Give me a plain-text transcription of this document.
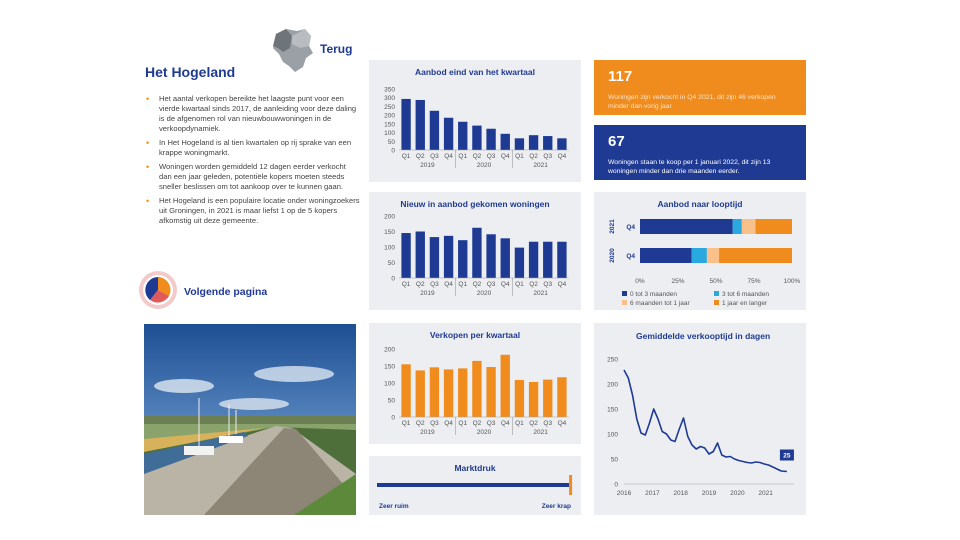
Terug
Het Hogeland
• Het aantal verkopen bereikte het laagste punt voor een vierde kwartaal sinds 2017, de aanleiding voor deze daling is de afgenomen rol van nieuwbouwwoningen in de verkoopdynamiek.
• In Het Hogeland is al tien kwartalen op rij sprake van een krappe woningmarkt.
• Woningen worden gemiddeld 12 dagen eerder verkocht dan een jaar geleden, potentiële kopers moeten steeds sneller beslissen om tot aankoop over te kunnen gaan.
• Het Hogeland is een populaire locatie onder woningzoekers uit Groningen, in 2021 is maar liefst 1 op de 5 kopers afkomstig uit deze gemeente.
Volgende pagina
Aanbod eind van het kwartaal
0
50
100
150
200
250
300
350
Q1 Q2 Q3 Q4 Q1 Q2 Q3 Q4 Q1 Q2 Q3 Q4
2019	2020	2021
Nieuw in aanbod gekomen woningen
0
50
100
150
200
Q1 Q2 Q3 Q4 Q1 Q2 Q3 Q4 Q1 Q2 Q3 Q4
2019	2020	2021
Verkopen per kwartaal
0
50
100
150
200
Q1 Q2 Q3 Q4 Q1 Q2 Q3 Q4 Q1 Q2 Q3 Q4
2019	2020	2021
Marktdruk
Zeer ruim	Zeer krap
117
Woningen zijn verkocht in Q4 2021, dit zijn 46 verkopen minder dan vorig jaar
67
Woningen staan te koop per 1 januari 2022, dit zijn 13 woningen minder dan drie maanden eerder.
Aanbod naar looptijd
Q4
2021
Q4
2020
0%	25%	50%	75%	100%
0 tot 3 maanden	3 tot 6 maanden
6 maanden tot 1 jaar	1 jaar en langer
Gemiddelde verkooptijd in dagen
0
50
100
150
200
250
2016 2017 2018 2019 2020 2021
25
